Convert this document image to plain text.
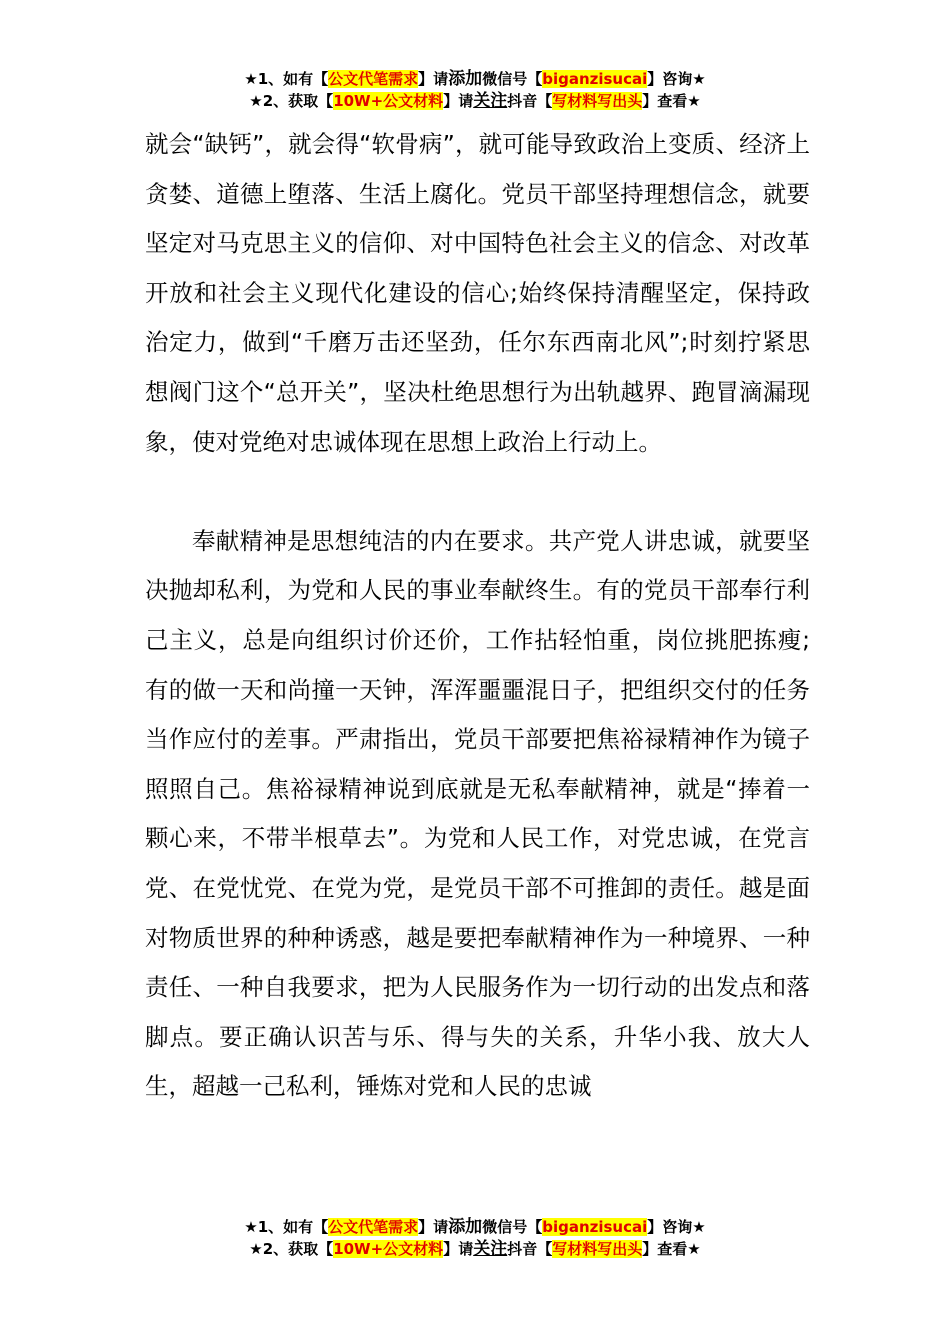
★1、如有【公文代笔需求】请添加微信号【biganzisucai】咨询★
★2、获取【10W+公文材料】请关注抖音【写材料写出头】查看★

就会“缺钙”，就会得“软骨病”，就可能导致政治上变质、经济上贪婪、道德上堕落、生活上腐化。党员干部坚持理想信念，就要坚定对马克思主义的信仰、对中国特色社会主义的信念、对改革开放和社会主义现代化建设的信心;始终保持清醒坚定，保持政治定力，做到“千磨万击还坚劲，任尔东西南北风”;时刻拧紧思想阀门这个“总开关”，坚决杜绝思想行为出轨越界、跑冒滴漏现象，使对党绝对忠诚体现在思想上政治上行动上。

奉献精神是思想纯洁的内在要求。共产党人讲忠诚，就要坚决抛却私利，为党和人民的事业奉献终生。有的党员干部奉行利己主义，总是向组织讨价还价，工作拈轻怕重，岗位挑肥拣瘦;有的做一天和尚撞一天钟，浑浑噩噩混日子，把组织交付的任务当作应付的差事。严肃指出，党员干部要把焦裕禄精神作为镜子照照自己。焦裕禄精神说到底就是无私奉献精神，就是“捧着一颗心来，不带半根草去”。为党和人民工作，对党忠诚，在党言党、在党忧党、在党为党，是党员干部不可推卸的责任。越是面对物质世界的种种诱惑，越是要把奉献精神作为一种境界、一种责任、一种自我要求，把为人民服务作为一切行动的出发点和落脚点。要正确认识苦与乐、得与失的关系，升华小我、放大人生，超越一己私利，锤炼对党和人民的忠诚

★1、如有【公文代笔需求】请添加微信号【biganzisucai】咨询★
★2、获取【10W+公文材料】请关注抖音【写材料写出头】查看★
